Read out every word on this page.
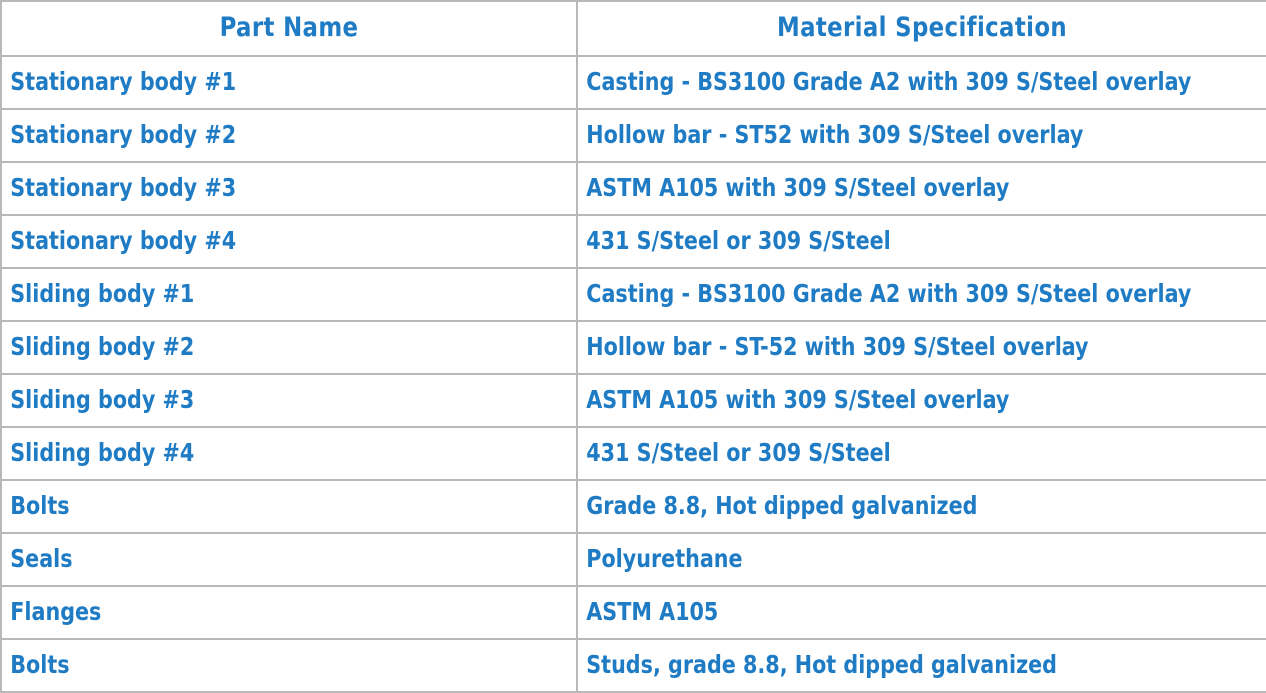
Part Name	Material Specification

Stationary body #1	Casting - BS3100 Grade A2 with 309 S/Steel overlay

Stationary body #2	Hollow bar - ST52 with 309 S/Steel overlay

Stationary body #3	ASTM A105 with 309 S/Steel overlay

Stationary body #4	431 S/Steel or 309 S/Steel

Sliding body #1	Casting - BS3100 Grade A2 with 309 S/Steel overlay

Sliding body #2	Hollow bar - ST-52 with 309 S/Steel overlay

Sliding body #3	ASTM A105 with 309 S/Steel overlay

Sliding body #4	431 S/Steel or 309 S/Steel

Bolts	Grade 8.8, Hot dipped galvanized

Seals	Polyurethane

Flanges	ASTM A105

Bolts	Studs, grade 8.8, Hot dipped galvanized
